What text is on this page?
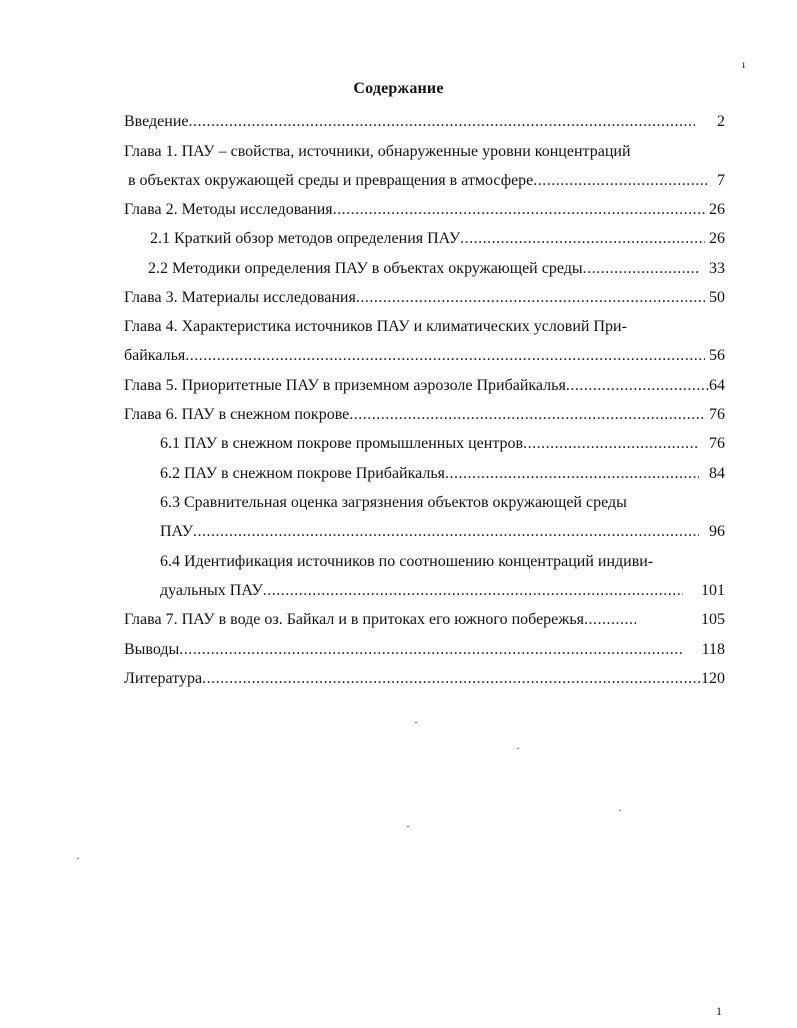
Содержание
Введение .....	2
Глава 1. ПАУ – свойства, источники, обнаруженные уровни концентраций
в объектах окружающей среды и превращения в атмосфере .....	7
Глава 2. Методы исследования .....	26
2.1 Краткий обзор методов определения ПАУ .....	26
2.2 Методики определения ПАУ в объектах окружающей среды .....	33
Глава 3. Материалы исследования .....	50
Глава 4. Характеристика источников ПАУ и климатических условий При-
байкалья .....	56
Глава 5. Приоритетные ПАУ в приземном аэрозоле Прибайкалья .....	64
Глава 6. ПАУ в снежном покрове .....	76
6.1 ПАУ в снежном покрове промышленных центров .....	76
6.2 ПАУ в снежном покрове Прибайкалья .....	84
6.3 Сравнительная оценка загрязнения объектов окружающей среды
ПАУ .....	96
6.4 Идентификация источников по соотношению концентраций индиви-
дуальных ПАУ .....	101
Глава 7. ПАУ в воде оз. Байкал и в притоках его южного побережья .....	105
Выводы .....	118
Литература .....	120
ı
·
·
·
·
·
1
